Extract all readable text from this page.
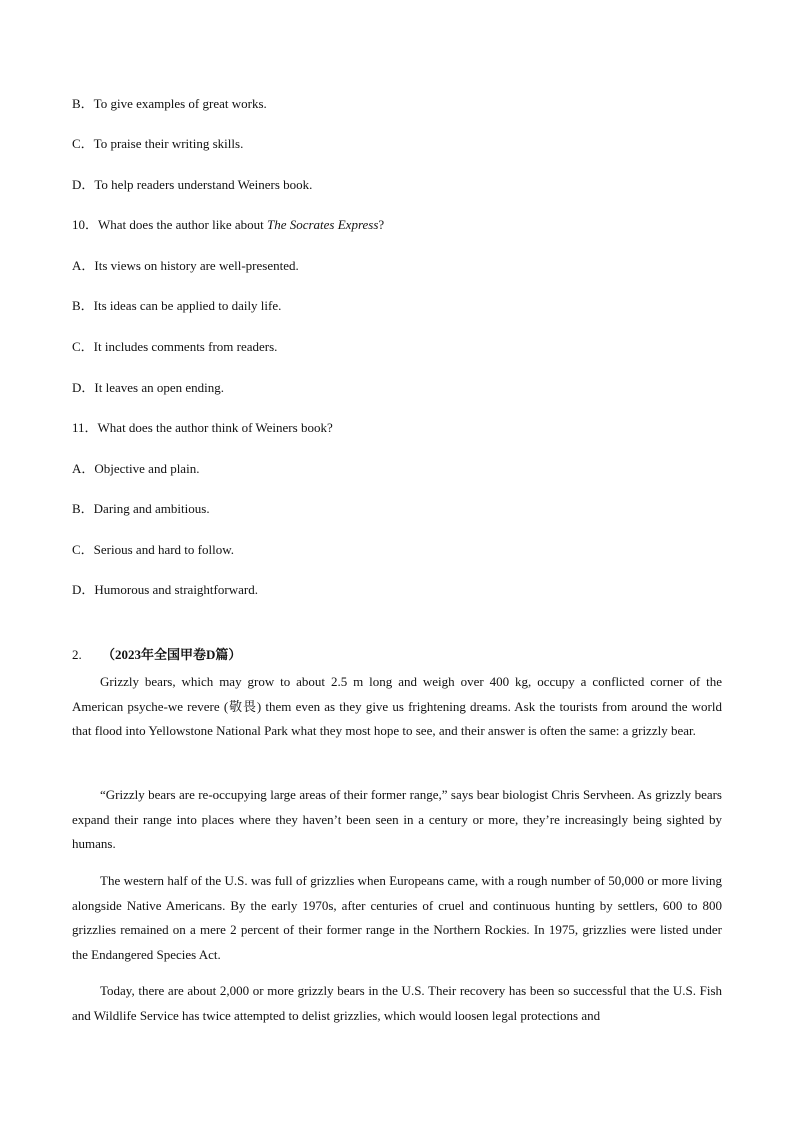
B．To give examples of great works.
C．To praise their writing skills.
D．To help readers understand Weiners book.
10．What does the author like about The Socrates Express?
A．Its views on history are well-presented.
B．Its ideas can be applied to daily life.
C．It includes comments from readers.
D．It leaves an open ending.
11．What does the author think of Weiners book?
A．Objective and plain.
B．Daring and ambitious.
C．Serious and hard to follow.
D．Humorous and straightforward.
2. （2023年全国甲卷D篇）

Grizzly bears, which may grow to about 2.5 m long and weigh over 400 kg, occupy a conflicted corner of the American psyche-we revere (敬畏) them even as they give us frightening dreams. Ask the tourists from around the world that flood into Yellowstone National Park what they most hope to see, and their answer is often the same: a grizzly bear.

“Grizzly bears are re-occupying large areas of their former range,” says bear biologist Chris Servheen. As grizzly bears expand their range into places where they haven’t been seen in a century or more, they’re increasingly being sighted by humans.

The western half of the U.S. was full of grizzlies when Europeans came, with a rough number of 50,000 or more living alongside Native Americans. By the early 1970s, after centuries of cruel and continuous hunting by settlers, 600 to 800 grizzlies remained on a mere 2 percent of their former range in the Northern Rockies. In 1975, grizzlies were listed under the Endangered Species Act.

Today, there are about 2,000 or more grizzly bears in the U.S. Their recovery has been so successful that the U.S. Fish and Wildlife Service has twice attempted to delist grizzlies, which would loosen legal protections and
